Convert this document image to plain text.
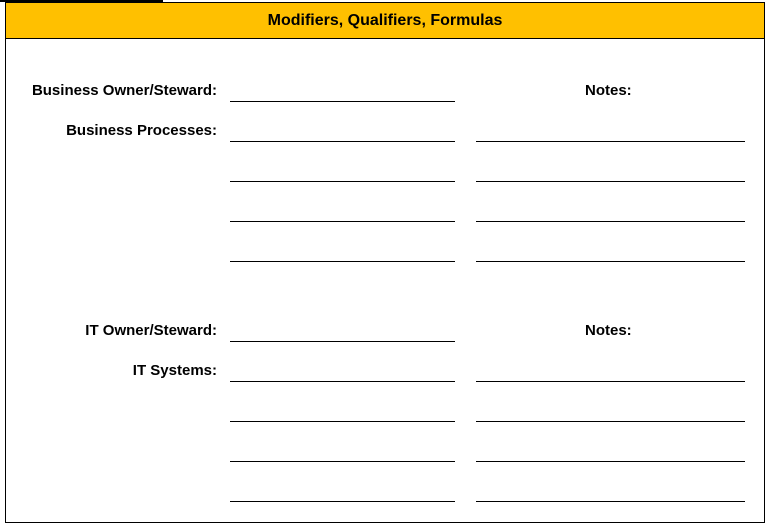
Modifiers, Qualifiers, Formulas
Business Owner/Steward:	Notes:
Business Processes:
IT Owner/Steward:	Notes:
IT Systems:
